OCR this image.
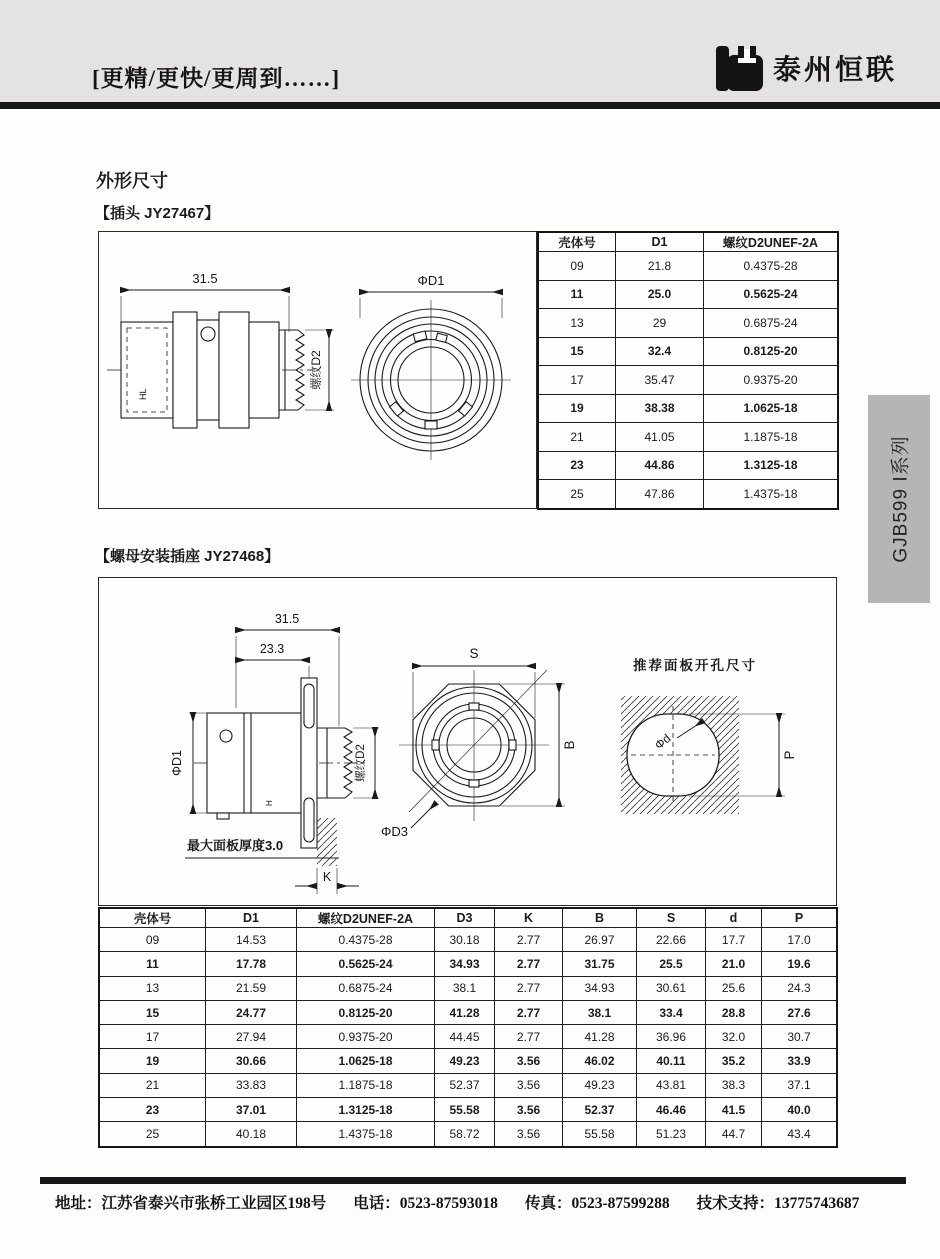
[更精/更快/更周到……]	泰州恒联
GJB599 I系列
外形尺寸
【插头 JY27467】
【螺母安装插座 JY27468】
31.5
HL
螺纹D2
ΦD1
壳体号	D1	螺纹D2UNEF-2A
09	21.8	0.4375-28
11	25.0	0.5625-24
13	29	0.6875-24
15	32.4	0.8125-20
17	35.47	0.9375-20
19	38.38	1.0625-18
21	41.05	1.1875-18
23	44.86	1.3125-18
25	47.86	1.4375-18
31.5
23.3
H
ΦD1	螺纹D2
最大面板厚度3.0
K
S
B
ΦD3
推荐面板开孔尺寸
Φd
P
壳体号	D1	螺纹D2UNEF-2A	D3	K	B	S	d	P
09	14.53	0.4375-28	30.18	2.77	26.97	22.66	17.7	17.0
11	17.78	0.5625-24	34.93	2.77	31.75	25.5	21.0	19.6
13	21.59	0.6875-24	38.1	2.77	34.93	30.61	25.6	24.3
15	24.77	0.8125-20	41.28	2.77	38.1	33.4	28.8	27.6
17	27.94	0.9375-20	44.45	2.77	41.28	36.96	32.0	30.7
19	30.66	1.0625-18	49.23	3.56	46.02	40.11	35.2	33.9
21	33.83	1.1875-18	52.37	3.56	49.23	43.81	38.3	37.1
23	37.01	1.3125-18	55.58	3.56	52.37	46.46	41.5	40.0
25	40.18	1.4375-18	58.72	3.56	55.58	51.23	44.7	43.4
地址：江苏省泰兴市张桥工业园区198号 电话：0523-87593018 传真：0523-87599288 技术支持：13775743687
